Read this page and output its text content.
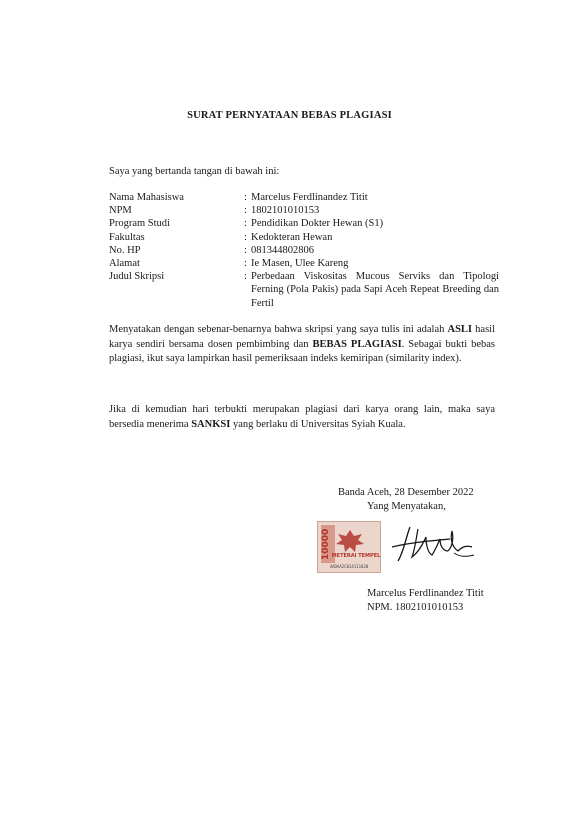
SURAT PERNYATAAN BEBAS PLAGIASI
Saya yang bertanda tangan di bawah ini:
Nama Mahasiswa	: Marcelus Ferdlinandez Titit
NPM	: 1802101010153
Program Studi	: Pendidikan Dokter Hewan (S1)
Fakultas	: Kedokteran Hewan
No. HP	: 081344802806
Alamat	: Ie Masen, Ulee Kareng
Judul Skripsi	: Perbedaan Viskositas Mucous Serviks dan Tipologi Ferning (Pola Pakis) pada Sapi Aceh Repeat Breeding dan Fertil
Menyatakan dengan sebenar-benarnya bahwa skripsi yang saya tulis ini adalah ASLI hasil karya sendiri bersama dosen pembimbing dan BEBAS PLAGIASI. Sebagai bukti bebas plagiasi, ikut saya lampirkan hasil pemeriksaan indeks kemiripan (similarity index).
Jika di kemudian hari terbukti merupakan plagiasi dari karya orang lain, maka saya bersedia menerima SANKSI yang berlaku di Universitas Syiah Kuala.
Banda Aceh, 28 Desember 2022
Yang Menyatakan,
10000 METERAI TEMPEL
4ADAA2C014111020
Marcelus Ferdlinandez Titit
NPM. 1802101010153
